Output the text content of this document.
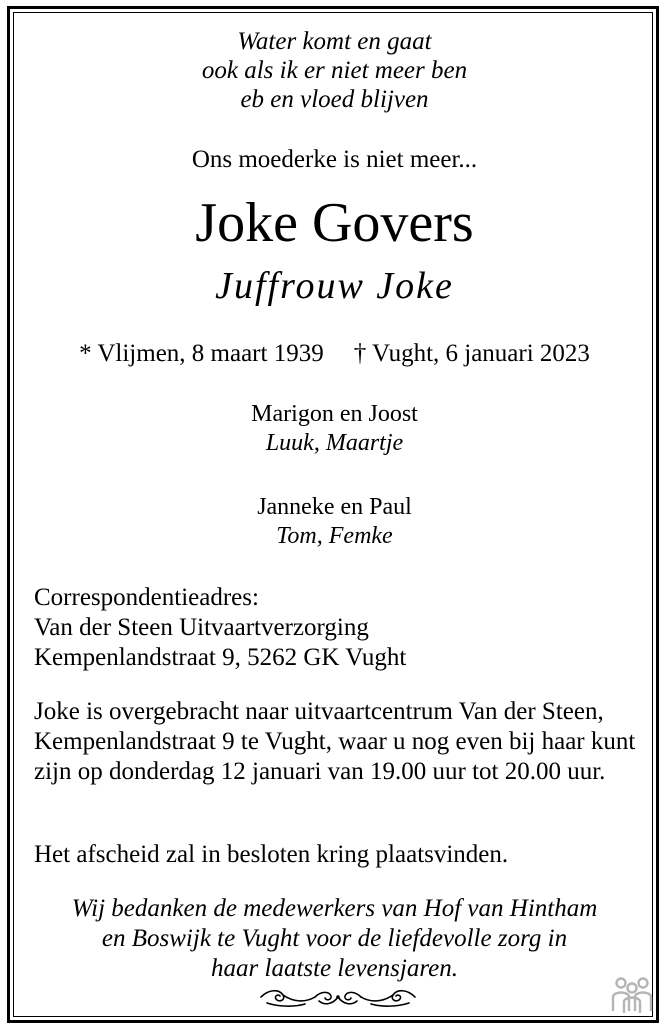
Water komt en gaat
ook als ik er niet meer ben
eb en vloed blijven
Ons moederke is niet meer...
Joke Govers
Juffrouw Joke
* Vlijmen, 8 maart 1939 † Vught, 6 januari 2023
Marigon en Joost
Luuk, Maartje
Janneke en Paul
Tom, Femke
Correspondentieadres:
Van der Steen Uitvaartverzorging
Kempenlandstraat 9, 5262 GK Vught
Joke is overgebracht naar uitvaartcentrum Van der Steen, Kempenlandstraat 9 te Vught, waar u nog even bij haar kunt zijn op donderdag 12 januari van 19.00 uur tot 20.00 uur.
Het afscheid zal in besloten kring plaatsvinden.
Wij bedanken de medewerkers van Hof van Hintham
en Boswijk te Vught voor de liefdevolle zorg in
haar laatste levensjaren.
